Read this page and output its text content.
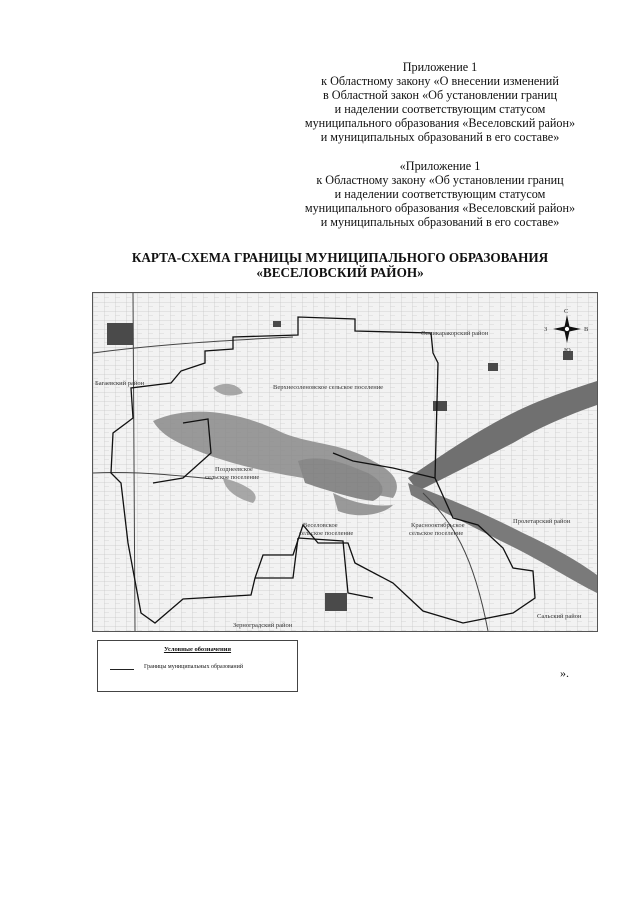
Приложение 1
к Областному закону «О внесении изменений
в Областной закон «Об установлении границ
и наделении соответствующим статусом
муниципального образования «Веселовский район»
и муниципальных образований в его составе»
«Приложение 1
к Областному закону «Об установлении границ
и наделении соответствующим статусом
муниципального образования «Веселовский район»
и муниципальных образований в его составе»
КАРТА-СХЕМА ГРАНИЦЫ МУНИЦИПАЛЬНОГО ОБРАЗОВАНИЯ
«ВЕСЕЛОВСКИЙ РАЙОН»
С
Ю
З	В
Багаевский район
Семикаракорский район
Верхнесоленовское сельское поселение
Позднеевское
сельское поселение
Пролетарский район
Веселовское
сельское поселение
Краснооктябрьское
сельское поселение
Сальский район
Зерноградский район
Условные обозначения
Границы муниципальных образований	».
